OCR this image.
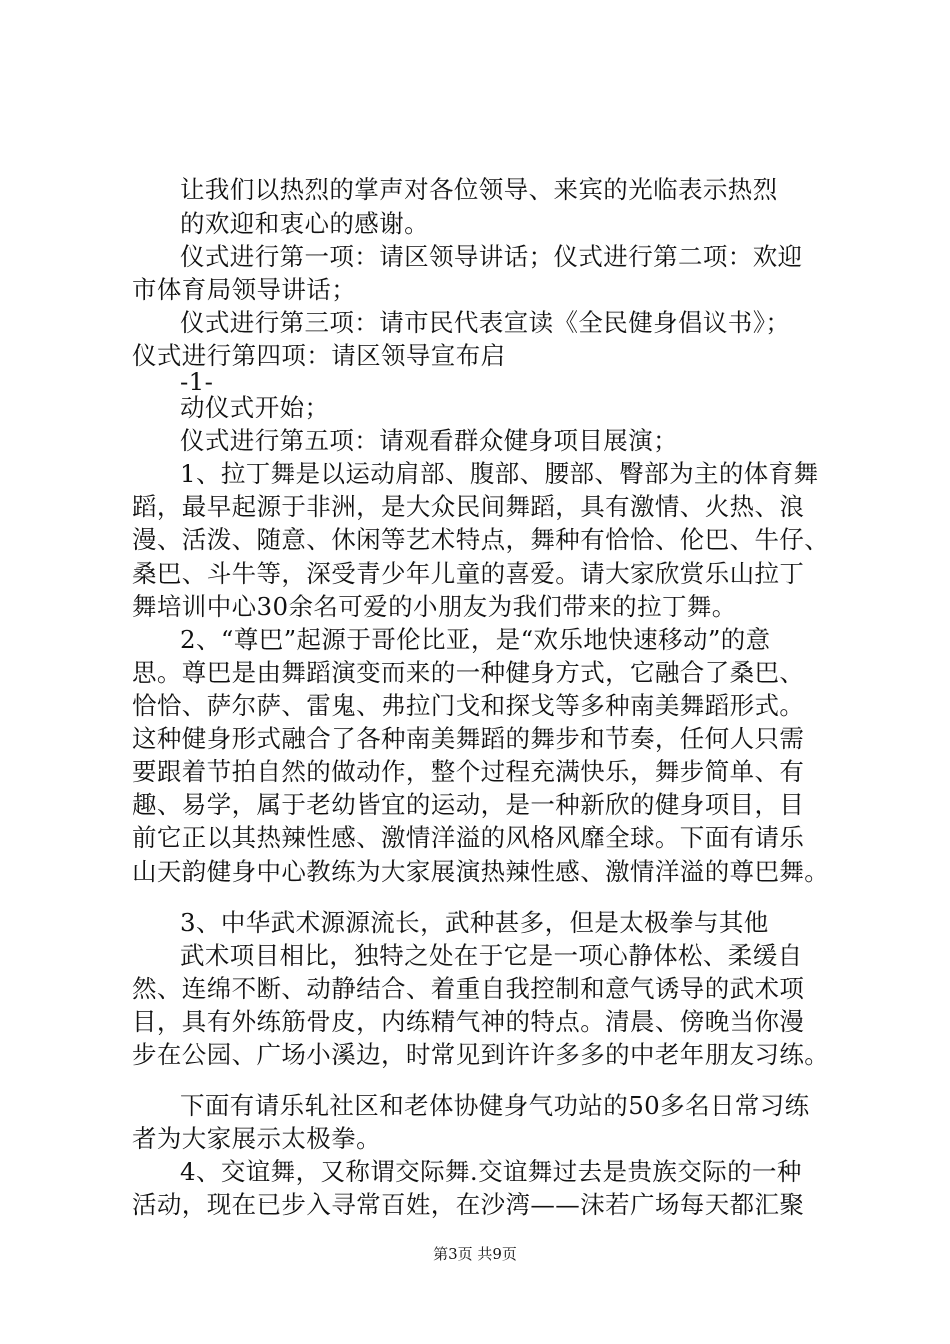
让我们以热烈的掌声对各位领导、来宾的光临表示热烈
的欢迎和衷心的感谢。
仪式进行第一项：请区领导讲话；仪式进行第二项：欢迎
市体育局领导讲话；
仪式进行第三项：请市民代表宣读《全民健身倡议书》；
仪式进行第四项：请区领导宣布启
-1-
动仪式开始；
仪式进行第五项：请观看群众健身项目展演；
1、拉丁舞是以运动肩部、腹部、腰部、臀部为主的体育舞
蹈，最早起源于非洲，是大众民间舞蹈，具有激情、火热、浪
漫、活泼、随意、休闲等艺术特点，舞种有恰恰、伦巴、牛仔、
桑巴、斗牛等，深受青少年儿童的喜爱。请大家欣赏乐山拉丁
舞培训中心30余名可爱的小朋友为我们带来的拉丁舞。
2、“尊巴”起源于哥伦比亚，是“欢乐地快速移动”的意
思。尊巴是由舞蹈演变而来的一种健身方式，它融合了桑巴、
恰恰、萨尔萨、雷鬼、弗拉门戈和探戈等多种南美舞蹈形式。
这种健身形式融合了各种南美舞蹈的舞步和节奏，任何人只需
要跟着节拍自然的做动作，整个过程充满快乐，舞步简单、有
趣、易学，属于老幼皆宜的运动，是一种新欣的健身项目，目
前它正以其热辣性感、激情洋溢的风格风靡全球。下面有请乐
山天韵健身中心教练为大家展演热辣性感、激情洋溢的尊巴舞。
3、中华武术源源流长，武种甚多，但是太极拳与其他
武术项目相比，独特之处在于它是一项心静体松、柔缓自
然、连绵不断、动静结合、着重自我控制和意气诱导的武术项
目，具有外练筋骨皮，内练精气神的特点。清晨、傍晚当你漫
步在公园、广场小溪边，时常见到许许多多的中老年朋友习练。
下面有请乐轧社区和老体协健身气功站的50多名日常习练
者为大家展示太极拳。
4、交谊舞，又称谓交际舞.交谊舞过去是贵族交际的一种
活动，现在已步入寻常百姓，在沙湾——沫若广场每天都汇聚
第3页 共9页
